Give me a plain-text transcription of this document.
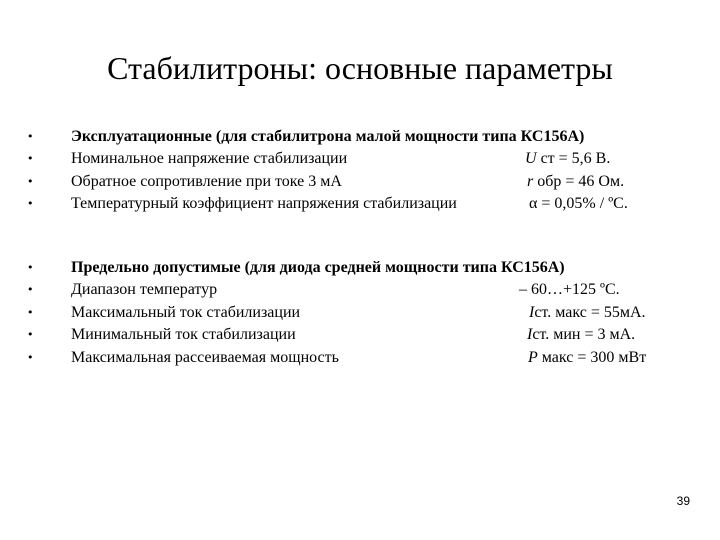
Стабилитроны: основные параметры
•	Эксплуатационные (для стабилитрона малой мощности типа КС156А)
•	Номинальное напряжение стабилизации	U ст = 5,6 В.
•	Обратное сопротивление при токе 3 мА	r обр = 46 Ом.
•	Температурный коэффициент напряжения стабилизации	α = 0,05% / ºС.
•	Предельно допустимые (для диода средней мощности типа КС156А)
•	Диапазон температур	– 60…+125 ºС.
•	Максимальный ток стабилизации	Iст. макс = 55мА.
•	Минимальный ток стабилизации	Iст. мин = 3 мА.
•	Максимальная рассеиваемая мощность	P макс = 300 мВт
39
